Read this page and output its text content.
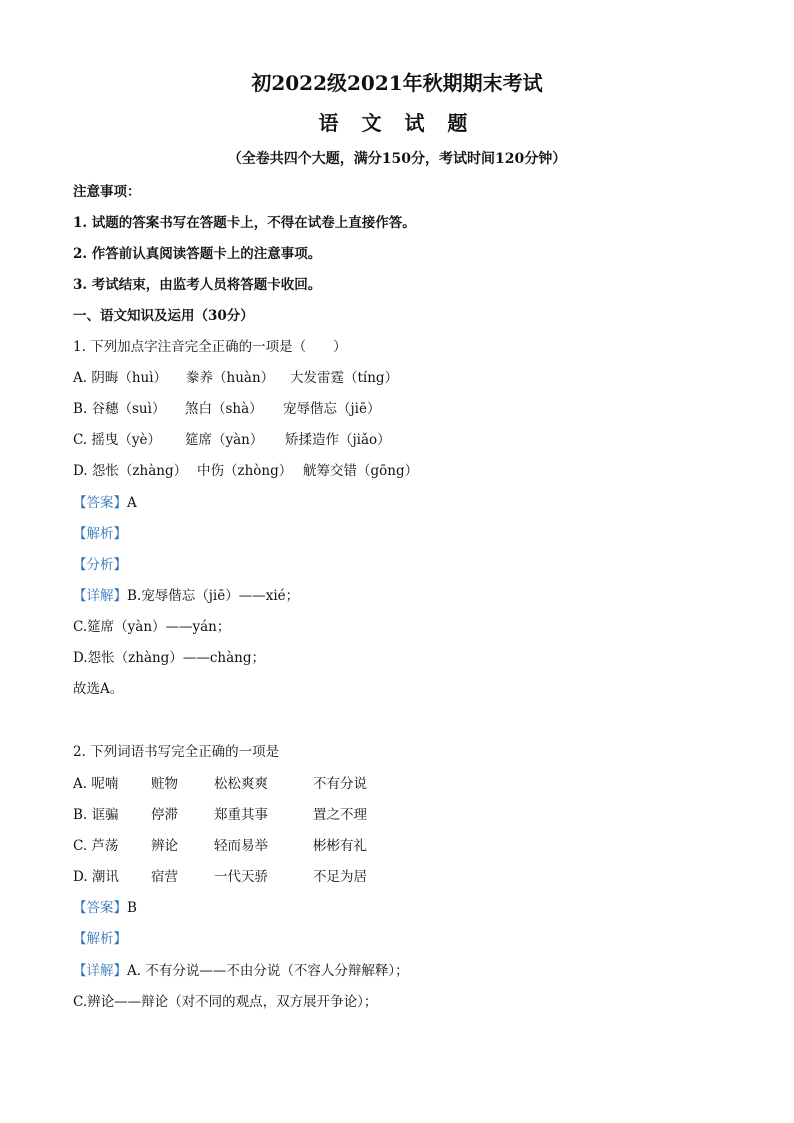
初2022级2021年秋期期末考试
语 文 试 题
（全卷共四个大题，满分150分，考试时间120分钟）
注意事项：
1. 试题的答案书写在答题卡上，不得在试卷上直接作答。
2. 作答前认真阅读答题卡上的注意事项。
3. 考试结束，由监考人员将答题卡收回。
一、语文知识及运用（30分）
1. 下列加点字注音完全正确的一项是（　　）
A. 阴晦（huì） 豢养（huàn） 大发雷霆（tíng）
B. 谷穗（suì） 煞白（shà） 宠辱偕忘（jiē）
C. 摇曳（yè） 筵席（yàn） 矫揉造作（jiǎo）
D. 怨怅（zhàng） 中伤（zhòng） 觥筹交错（gōng）
【答案】A
【解析】
【分析】
【详解】B.宠辱偕忘（jiē）——xié；
C.筵席（yàn）——yán；
D.怨怅（zhàng）——chàng；
故选A。
2. 下列词语书写完全正确的一项是
A. 呢喃 赃物	松松爽爽	不有分说
B. 诓骗 停滞	郑重其事	置之不理
C. 芦荡 辨论	轻而易举	彬彬有礼
D. 潮讯 宿营	一代天骄	不足为居
【答案】B
【解析】
【详解】A. 不有分说——不由分说（不容人分辩解释）；
C.辨论——辩论（对不同的观点，双方展开争论）；
